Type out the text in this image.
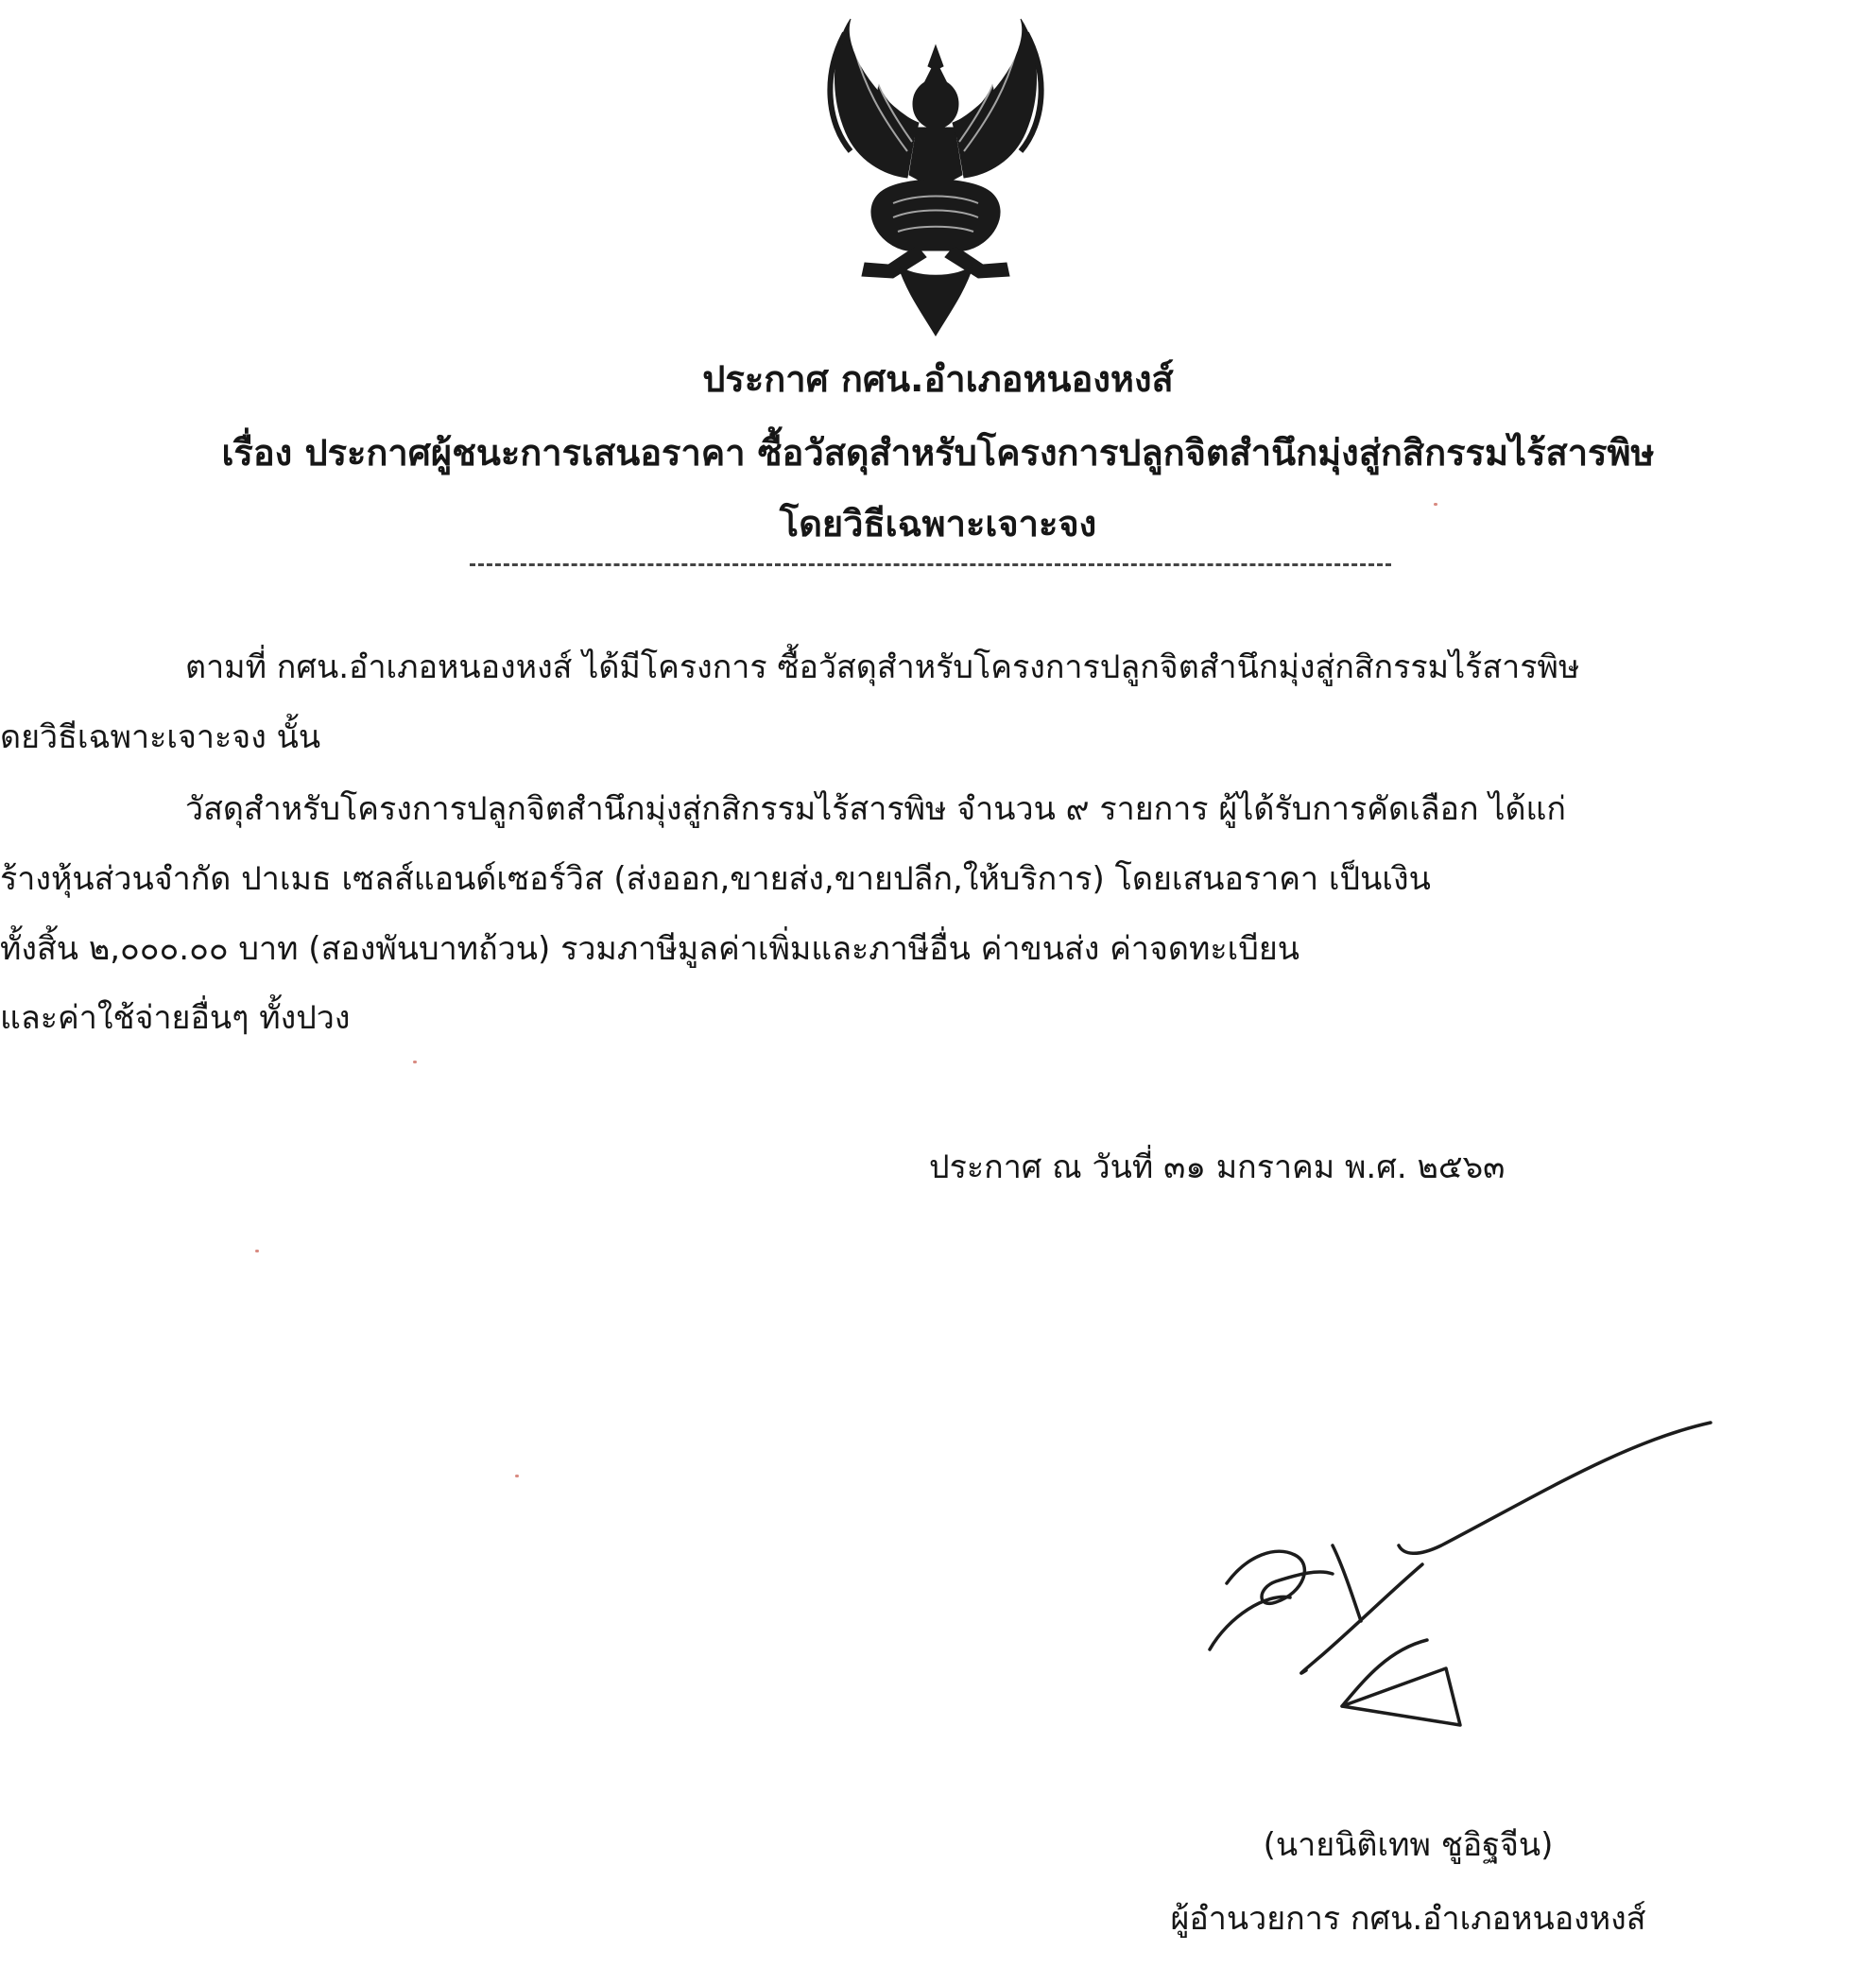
ประกาศ กศน.อำเภอหนองหงส์
เรื่อง ประกาศผู้ชนะการเสนอราคา ซื้อวัสดุสำหรับโครงการปลูกจิตสำนึกมุ่งสู่กสิกรรมไร้สารพิษ
โดยวิธีเฉพาะเจาะจง
ตามที่ กศน.อำเภอหนองหงส์ ได้มีโครงการ ซื้อวัสดุสำหรับโครงการปลูกจิตสำนึกมุ่งสู่กสิกรรมไร้สารพิษ
ดยวิธีเฉพาะเจาะจง นั้น
วัสดุสำหรับโครงการปลูกจิตสำนึกมุ่งสู่กสิกรรมไร้สารพิษ จำนวน ๙ รายการ ผู้ได้รับการคัดเลือก ได้แก่
ร้างหุ้นส่วนจำกัด ปาเมธ เซลส์แอนด์เซอร์วิส (ส่งออก,ขายส่ง,ขายปลีก,ให้บริการ) โดยเสนอราคา เป็นเงิน
ทั้งสิ้น ๒,๐๐๐.๐๐ บาท (สองพันบาทถ้วน) รวมภาษีมูลค่าเพิ่มและภาษีอื่น ค่าขนส่ง ค่าจดทะเบียน
และค่าใช้จ่ายอื่นๆ ทั้งปวง
ประกาศ ณ วันที่ ๓๑ มกราคม พ.ศ. ๒๕๖๓
(นายนิติเทพ ชูอิฐจีน)
ผู้อำนวยการ กศน.อำเภอหนองหงส์
